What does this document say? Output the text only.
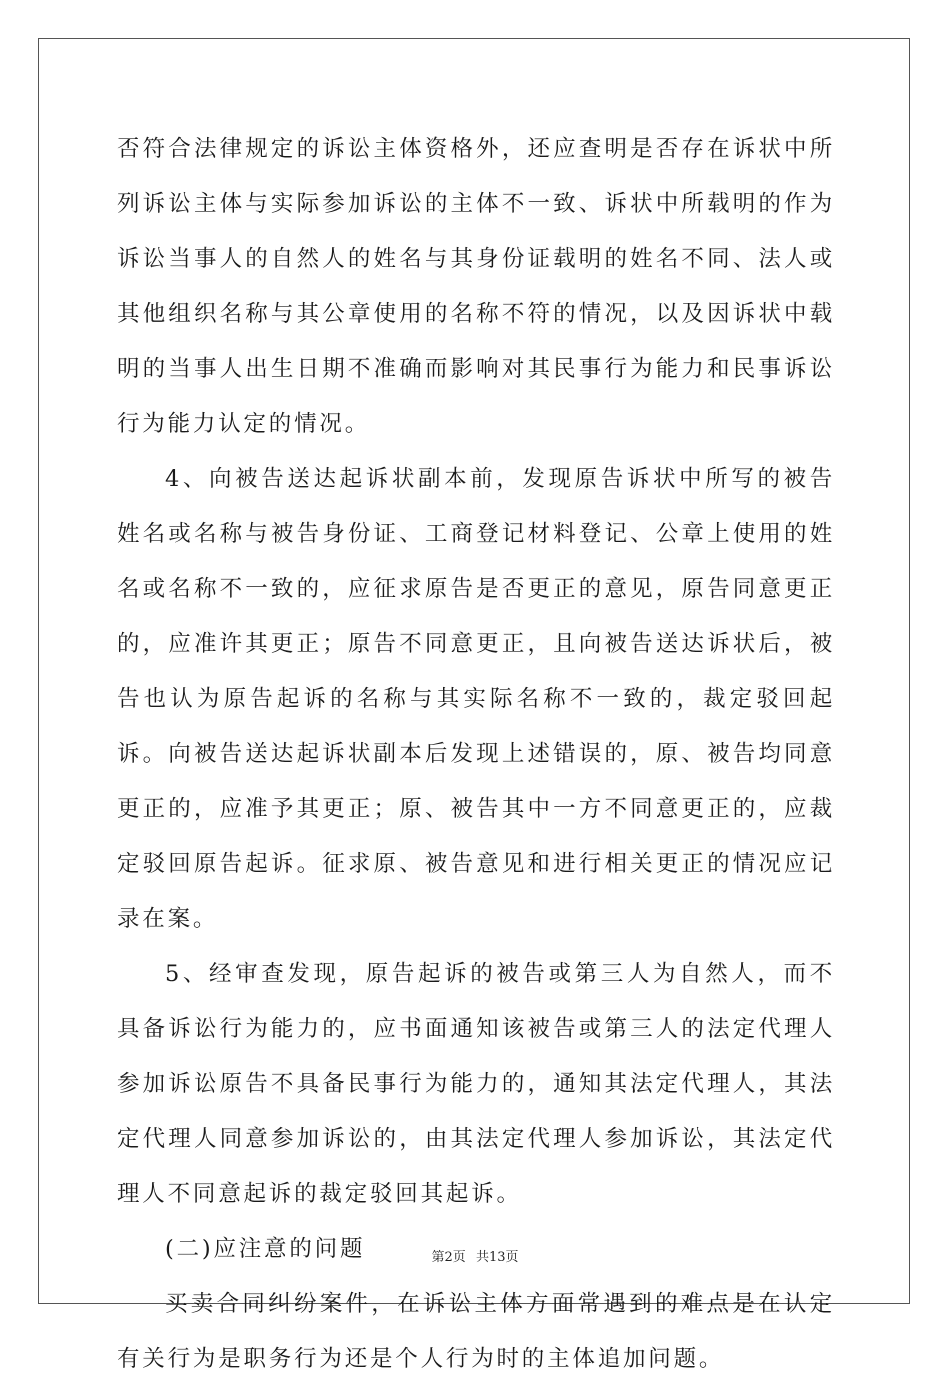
否符合法律规定的诉讼主体资格外，还应查明是否存在诉状中所列诉讼主体与实际参加诉讼的主体不一致、诉状中所载明的作为诉讼当事人的自然人的姓名与其身份证载明的姓名不同、法人或其他组织名称与其公章使用的名称不符的情况，以及因诉状中载明的当事人出生日期不准确而影响对其民事行为能力和民事诉讼行为能力认定的情况。

4、向被告送达起诉状副本前，发现原告诉状中所写的被告姓名或名称与被告身份证、工商登记材料登记、公章上使用的姓名或名称不一致的，应征求原告是否更正的意见，原告同意更正的，应准许其更正；原告不同意更正，且向被告送达诉状后，被告也认为原告起诉的名称与其实际名称不一致的，裁定驳回起诉。向被告送达起诉状副本后发现上述错误的，原、被告均同意更正的，应准予其更正；原、被告其中一方不同意更正的，应裁定驳回原告起诉。征求原、被告意见和进行相关更正的情况应记录在案。

5、经审查发现，原告起诉的被告或第三人为自然人，而不具备诉讼行为能力的，应书面通知该被告或第三人的法定代理人参加诉讼原告不具备民事行为能力的，通知其法定代理人，其法定代理人同意参加诉讼的，由其法定代理人参加诉讼，其法定代理人不同意起诉的裁定驳回其起诉。

(二)应注意的问题

买卖合同纠纷案件，在诉讼主体方面常遇到的难点是在认定有关行为是职务行为还是个人行为时的主体追加问题。

第2页 共13页
